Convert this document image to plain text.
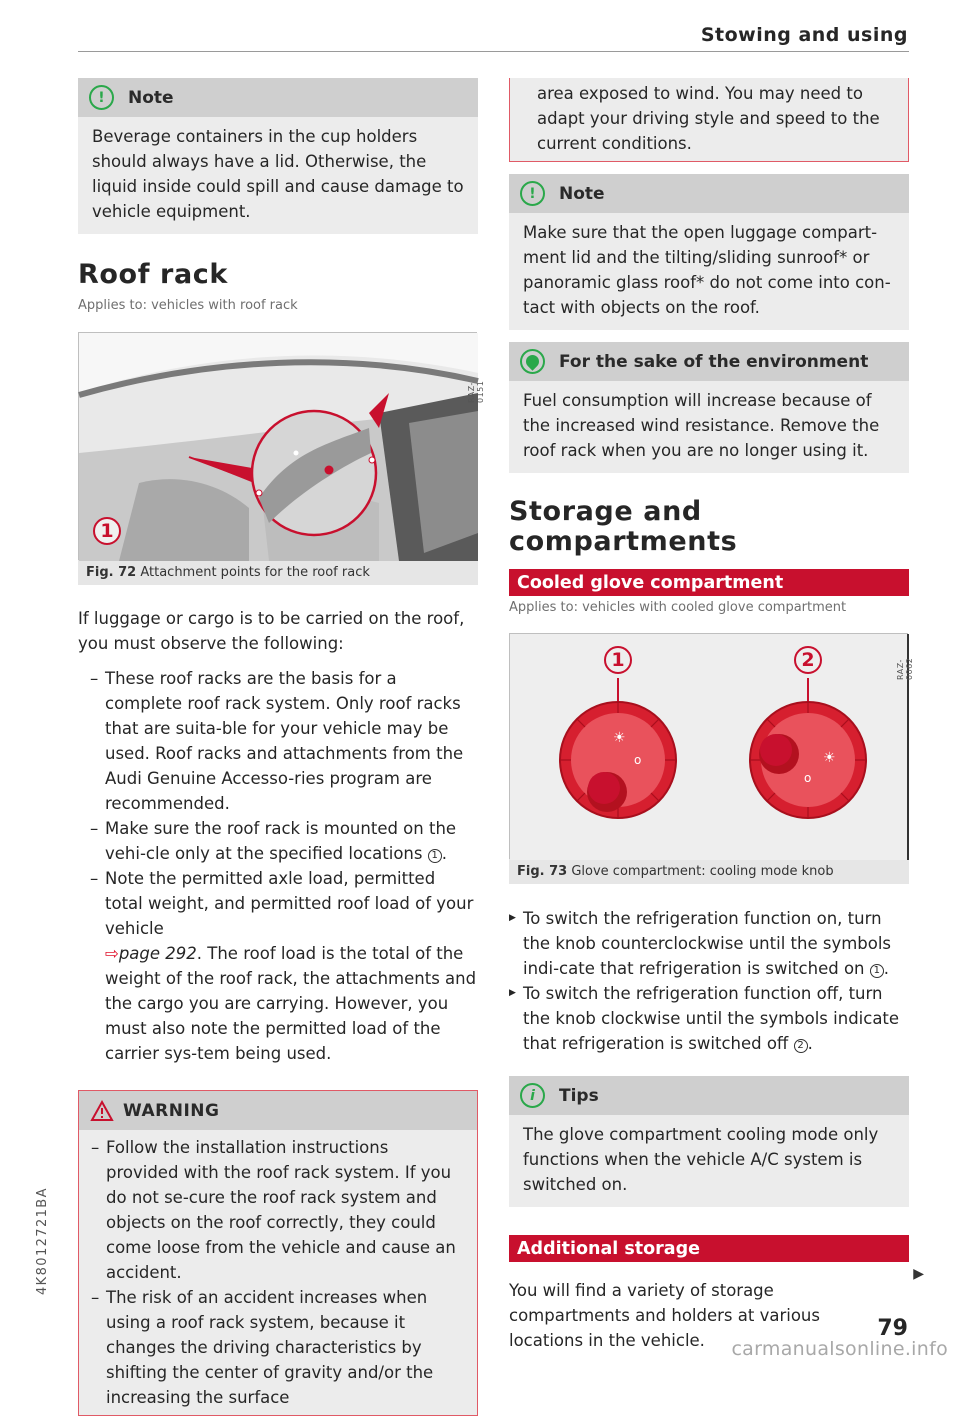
Stowing and using
!	Note
Beverage containers in the cup holders should always have a lid. Otherwise, the liquid inside could spill and cause damage to vehicle equipment.
Roof rack
Applies to: vehicles with roof rack
RAZ-0151
1
Fig. 72 Attachment points for the roof rack

If luggage or cargo is to be carried on the roof, you must observe the following:

– These roof racks are the basis for a complete roof rack system. Only roof racks that are suita-ble for your vehicle may be used. Roof racks and attachments from the Audi Genuine Accesso-ries program are recommended.
– Make sure the roof rack is mounted on the vehi-cle only at the specified locations 1 .
– Note the permitted axle load, permitted total weight, and permitted roof load of your vehicle
⇨page 292. The roof load is the total of the weight of the roof rack, the attachments and the cargo you are carrying. However, you must also note the permitted load of the carrier sys-tem being used.
WARNING
– Follow the installation instructions provided with the roof rack system. If you do not se-cure the roof rack system and objects on the roof correctly, they could come loose from the vehicle and cause an accident.
– The risk of an accident increases when using a roof rack system, because it changes the driving characteristics by shifting the center of gravity and/or the increasing the surface
area exposed to wind. You may need to adapt your driving style and speed to the current conditions.
!	Note
Make sure that the open luggage compart-ment lid and the tilting/sliding sunroof* or panoramic glass roof* do not come into con-tact with objects on the roof.
For the sake of the environment
Fuel consumption will increase because of the increased wind resistance. Remove the roof rack when you are no longer using it.
Storage and
compartments
Cooled glove compartment
Applies to: vehicles with cooled glove compartment
☀
o	☀
o
1	2	RAZ-0062
Fig. 73 Glove compartment: cooling mode knob
▶ To switch the refrigeration function on, turn the knob counterclockwise until the symbols indi-cate that refrigeration is switched on 1 .
▶ To switch the refrigeration function off, turn the knob clockwise until the symbols indicate that refrigeration is switched off 2 .
i	Tips
The glove compartment cooling mode only functions when the vehicle A/C system is switched on.
Additional storage

You will find a variety of storage compartments and holders at various locations in the vehicle.

▶
4K8012721BA
79
carmanualsonline.info
